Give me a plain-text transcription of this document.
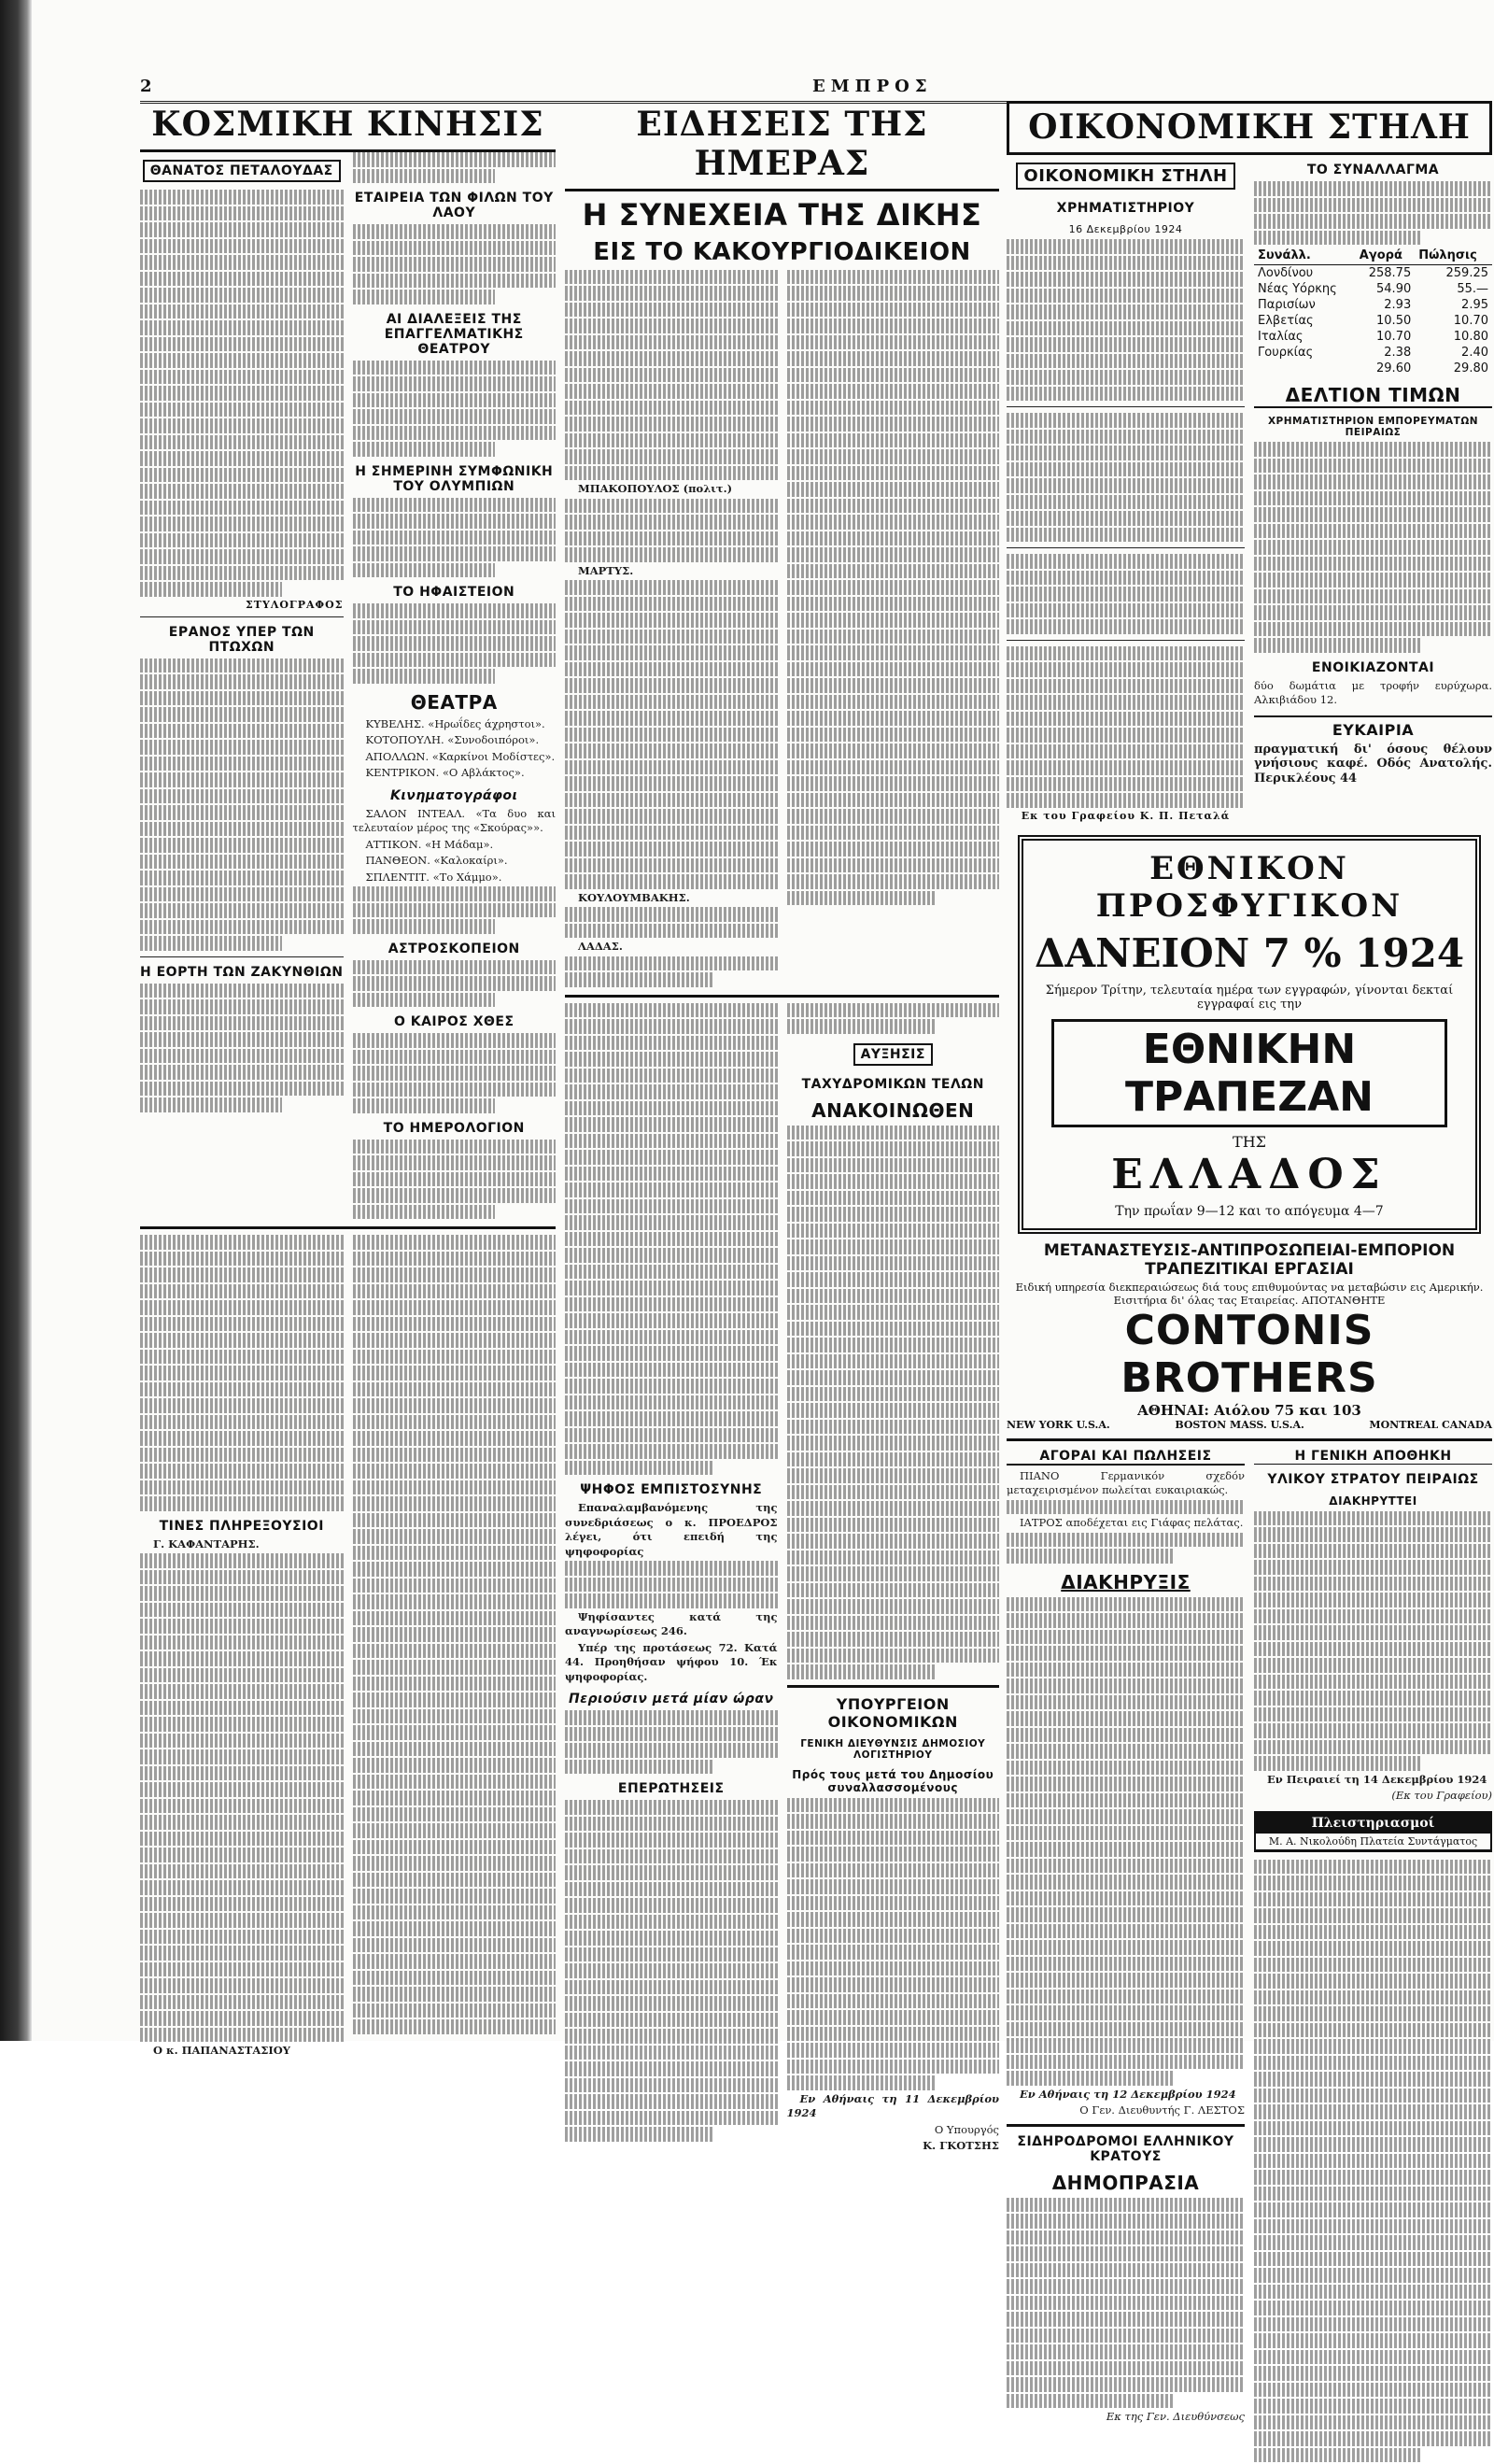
2	ΕΜΠΡΟΣ
ΚΟΣΜΙΚΗ ΚΙΝΗΣΙΣ
ΘΑΝΑΤΟΣ ΠΕΤΑΛΟΥΔΑΣ
ΣΤΥΛΟΓΡΑΦΟΣ
ΕΡΑΝΟΣ ΥΠΕΡ ΤΩΝ ΠΤΩΧΩΝ
Η ΕΟΡΤΗ ΤΩΝ ΖΑΚΥΝΘΙΩΝ
ΕΤΑΙΡΕΙΑ ΤΩΝ ΦΙΛΩΝ ΤΟΥ ΛΑΟΥ
ΑΙ ΔΙΑΛΕΞΕΙΣ ΤΗΣ ΕΠΑΓΓΕΛΜΑΤΙΚΗΣ ΘΕΑΤΡΟΥ
Η ΣΗΜΕΡΙΝΗ ΣΥΜΦΩΝΙΚΗ ΤΟΥ ΟΛΥΜΠΙΩΝ
ΤΟ ΗΦΑΙΣΤΕΙΟΝ
ΘΕΑΤΡΑ

ΚΥΒΕΛΗΣ. «Ηρωΐδες άχρηστοι».

ΚΟΤΟΠΟΥΛΗ. «Συνοδοιπόροι».

ΑΠΟΛΛΩΝ. «Καρκίνοι Μοδίστες».

ΚΕΝΤΡΙΚΟΝ. «Ο Αβλάκτος».

Κινηματογράφοι

ΣΑΛΟΝ ΙΝΤΕΑΛ. «Τα δυο και τελευταίον μέρος της «Σκούρας»».

ΑΤΤΙΚΟΝ. «Η Μάδαμ».

ΠΑΝΘΕΟΝ. «Καλοκαίρι».

ΣΠΛΕΝΤΙΤ. «Το Χάμμο».

ΑΣΤΡΟΣΚΟΠΕΙΟΝ
Ο ΚΑΙΡΟΣ ΧΘΕΣ
ΤΟ ΗΜΕΡΟΛΟΓΙΟΝ
ΤΙΝΕΣ ΠΛΗΡΕΞΟΥΣΙΟΙ

Γ. ΚΑΦΑΝΤΑΡΗΣ.

Ο κ. ΠΑΠΑΝΑΣΤΑΣΙΟΥ

ΕΙΔΗΣΕΙΣ ΤΗΣ ΗΜΕΡΑΣ
Η ΣΥΝΕΧΕΙΑ ΤΗΣ ΔΙΚΗΣ
ΕΙΣ ΤΟ ΚΑΚΟΥΡΓΙΟΔΙΚΕΙΟΝ

ΜΠΑΚΟΠΟΥΛΟΣ (πολιτ.)

ΜΑΡΤΥΣ.

ΚΟΥΛΟΥΜΒΑΚΗΣ.

ΛΑΔΑΣ.

ΨΗΦΟΣ ΕΜΠΙΣΤΟΣΥΝΗΣ

Επαναλαμβανόμενης της συνεδριάσεως ο κ. ΠΡΟΕΔΡΟΣ λέγει, ότι επειδή της ψηφοφορίας

Ψηφίσαντες κατά της αναγνωρίσεως 246.

Υπέρ της προτάσεως 72. Κατά 44. Προηθήσαν ψήφου 10. Έκ ψηφοφορίας.

Περιούσιν μετά μίαν ώραν
ΕΠΕΡΩΤΗΣΕΙΣ
ΑΥΞΗΣΙΣ
ΤΑΧΥΔΡΟΜΙΚΩΝ ΤΕΛΩΝ
ΑΝΑΚΟΙΝΩΘΕΝ
ΥΠΟΥΡΓΕΙΟΝ ΟΙΚΟΝΟΜΙΚΩΝ
ΓΕΝΙΚΗ ΔΙΕΥΘΥΝΣΙΣ ΔΗΜΟΣΙΟΥ ΛΟΓΙΣΤΗΡΙΟΥ
Πρός τους μετά του Δημοσίου συναλλασσομένους

Εν Αθήναις τη 11 Δεκεμβρίου 1924

Ο Υπουργός

Κ. ΓΚΟΤΣΗΣ

ΟΙΚΟΝΟΜΙΚΗ ΣΤΗΛΗ
ΟΙΚΟΝΟΜΙΚΗ ΣΤΗΛΗ
ΧΡΗΜΑΤΙΣΤΗΡΙΟΥ
16 Δεκεμβρίου 1924
Εκ του Γραφείου Κ. Π. Πεταλά
ΤΟ ΣΥΝΑΛΛΑΓΜΑ
Συνάλλ.	Αγορά	Πώλησις
Λονδίνου	258.75	259.25
Νέας Υόρκης	54.90	55.—
Παρισίων	2.93	2.95
Ελβετίας	10.50	10.70
Ιταλίας	10.70	10.80
Γουρκίας	2.38	2.40
	29.60	29.80
ΔΕΛΤΙΟΝ ΤΙΜΩΝ
ΧΡΗΜΑΤΙΣΤΗΡΙΟΝ ΕΜΠΟΡΕΥΜΑΤΩΝ ΠΕΙΡΑΙΩΣ
ΕΝΟΙΚΙΑΖΟΝΤΑΙ
δύο δωμάτια με τροφήν ευρύχωρα. Αλκιβιάδου 12.
ΕΥΚΑΙΡΙΑ
πραγματική δι' όσους θέλουν γνήσιους καφέ. Οδός Ανατολής. Περικλέους 44
ΕΘΝΙΚΟΝ ΠΡΟΣΦΥΓΙΚΟΝ
ΔΑΝΕΙΟΝ 7 % 1924
Σήμερον Τρίτην, τελευταία ημέρα των εγγραφών, γίνονται δεκταί εγγραφαί εις την
ΕΘΝΙΚΗΝ ΤΡΑΠΕΖΑΝ
ΤΗΣ
ΕΛΛΑΔΟΣ
Την πρωΐαν 9—12 και το απόγευμα 4—7
ΜΕΤΑΝΑΣΤΕΥΣΙΣ-ΑΝΤΙΠΡΟΣΩΠΕΙΑΙ-ΕΜΠΟΡΙΟΝ
ΤΡΑΠΕΖΙΤΙΚΑΙ ΕΡΓΑΣΙΑΙ
Ειδική υπηρεσία διεκπεραιώσεως διά τους επιθυμούντας να μεταβώσιν εις Αμερικήν. Εισιτήρια δι' όλας τας Εταιρείας. ΑΠΟΤΑΝΘΗΤΕ
CONTONIS BROTHERS
ΑΘΗΝΑΙ: Αιόλου 75 και 103
NEW YORK U.S.A.	BOSTON MASS. U.S.A.	MONTREAL CANADA
ΑΓΟΡΑΙ ΚΑΙ ΠΩΛΗΣΕΙΣ

ΠΙΑΝΟ Γερμανικόν σχεδόν μεταχειρισμένον πωλείται ευκαιριακώς.

ΙΑΤΡΟΣ αποδέχεται εις Γιάφας πελάτας.

ΔΙΑΚΗΡΥΞΙΣ

Εν Αθήναις τη 12 Δεκεμβρίου 1924

Ο Γεν. Διευθυντής Γ. ΛΕΣΤΟΣ

ΣΙΔΗΡΟΔΡΟΜΟΙ ΕΛΛΗΝΙΚΟΥ ΚΡΑΤΟΥΣ
ΔΗΜΟΠΡΑΣΙΑ

Εκ της Γεν. Διευθύνσεως

Η ΓΕΝΙΚΗ ΑΠΟΘΗΚΗ
ΥΛΙΚΟΥ ΣΤΡΑΤΟΥ ΠΕΙΡΑΙΩΣ
ΔΙΑΚΗΡΥΤΤΕΙ

Εν Πειραιεί τη 14 Δεκεμβρίου 1924

(Εκ του Γραφείου)

Πλειστηριασμοί
Μ. Α. Νικολούδη Πλατεία Συντάγματος
